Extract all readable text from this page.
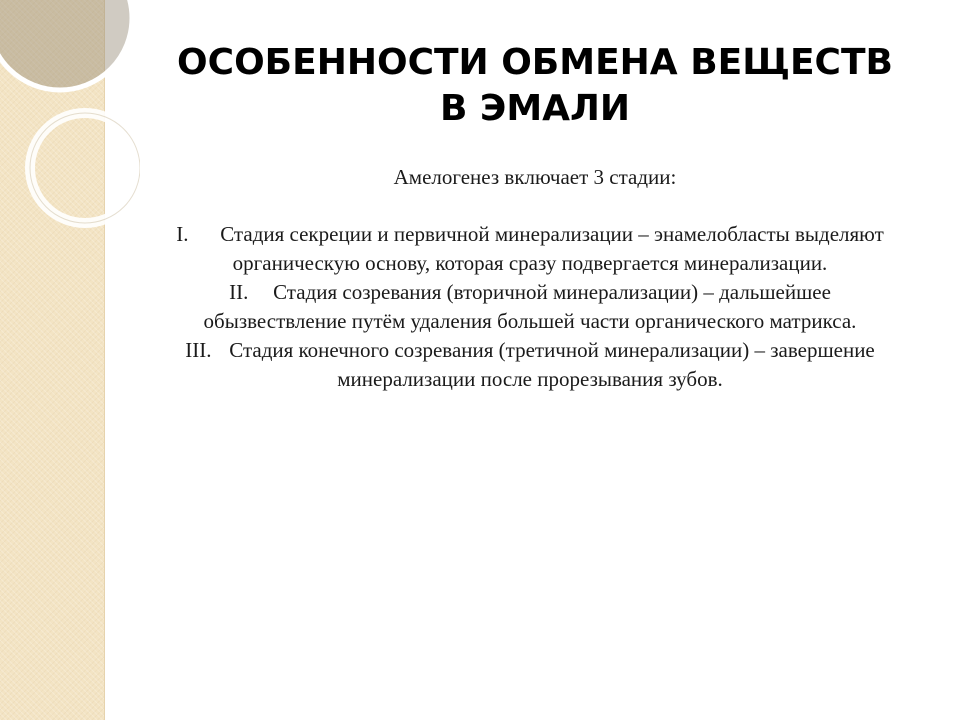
ОСОБЕННОСТИ ОБМЕНА ВЕЩЕСТВ
В ЭМАЛИ
Амелогенез включает 3 стадии:
I. Стадия секреции и первичной минерализации – энамелобласты выделяют органическую основу, которая сразу подвергается минерализации.
II. Стадия созревания (вторичной минерализации) – дальшейшее обызвествление путём удаления большей части органического матрикса.
III. Стадия конечного созревания (третичной минерализации) – завершение минерализации после прорезывания зубов.
